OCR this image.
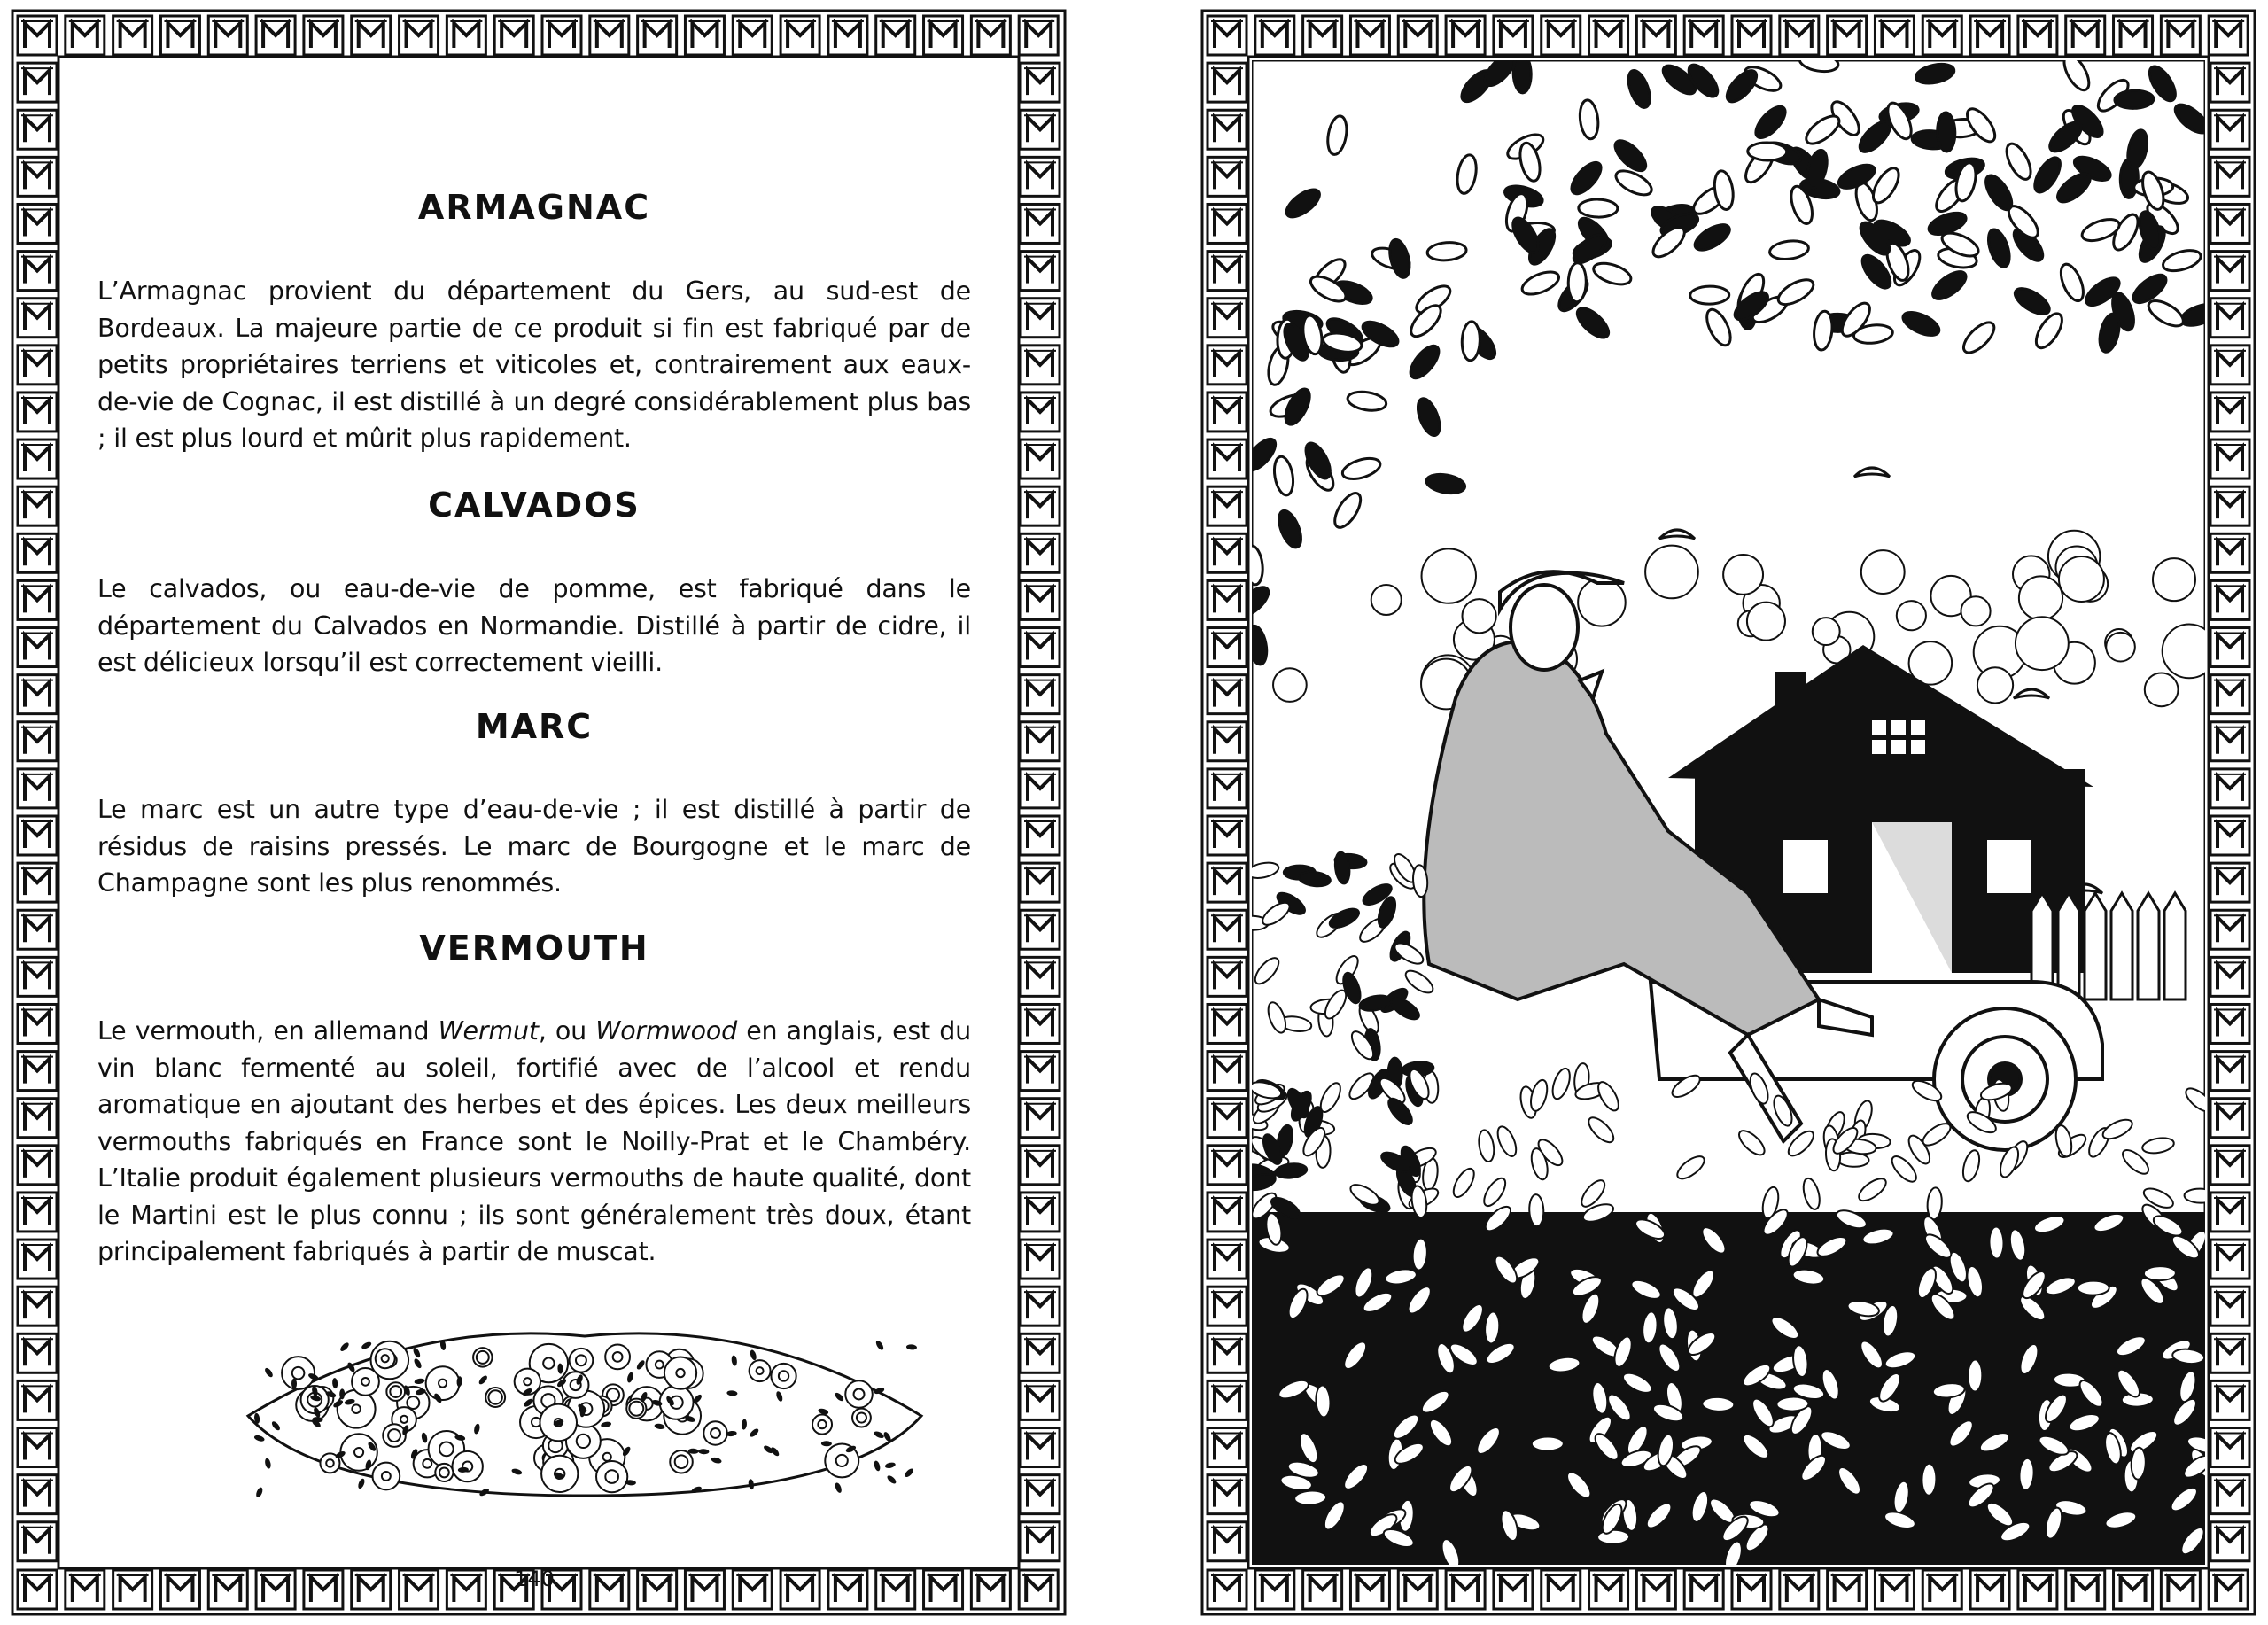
ARMAGNAC

L’Armagnac provient du département du Gers, au sud-est de Bordeaux. La majeure partie de ce produit si fin est fabriqué par de petits propriétaires terriens et viticoles et, contrairement aux eaux-de-vie de Cognac, il est distillé à un degré considérablement plus bas ; il est plus lourd et mûrit plus rapidement.

CALVADOS

Le calvados, ou eau-de-vie de pomme, est fabriqué dans le département du Calvados en Normandie. Distillé à partir de cidre, il est délicieux lorsqu’il est correctement vieilli.

MARC

Le marc est un autre type d’eau-de-vie ; il est distillé à partir de résidus de raisins pressés. Le marc de Bourgogne et le marc de Champagne sont les plus renommés.

VERMOUTH

Le vermouth, en allemand Wermut, ou Wormwood en anglais, est du vin blanc fermenté au soleil, fortifié avec de l’alcool et rendu aromatique en ajoutant des herbes et des épices. Les deux meilleurs vermouths fabriqués en France sont le Noilly-Prat et le Chambéry. L’Italie produit également plusieurs vermouths de haute qualité, dont le Martini est le plus connu ; ils sont généralement très doux, étant principalement fabriqués à partir de muscat.

140
